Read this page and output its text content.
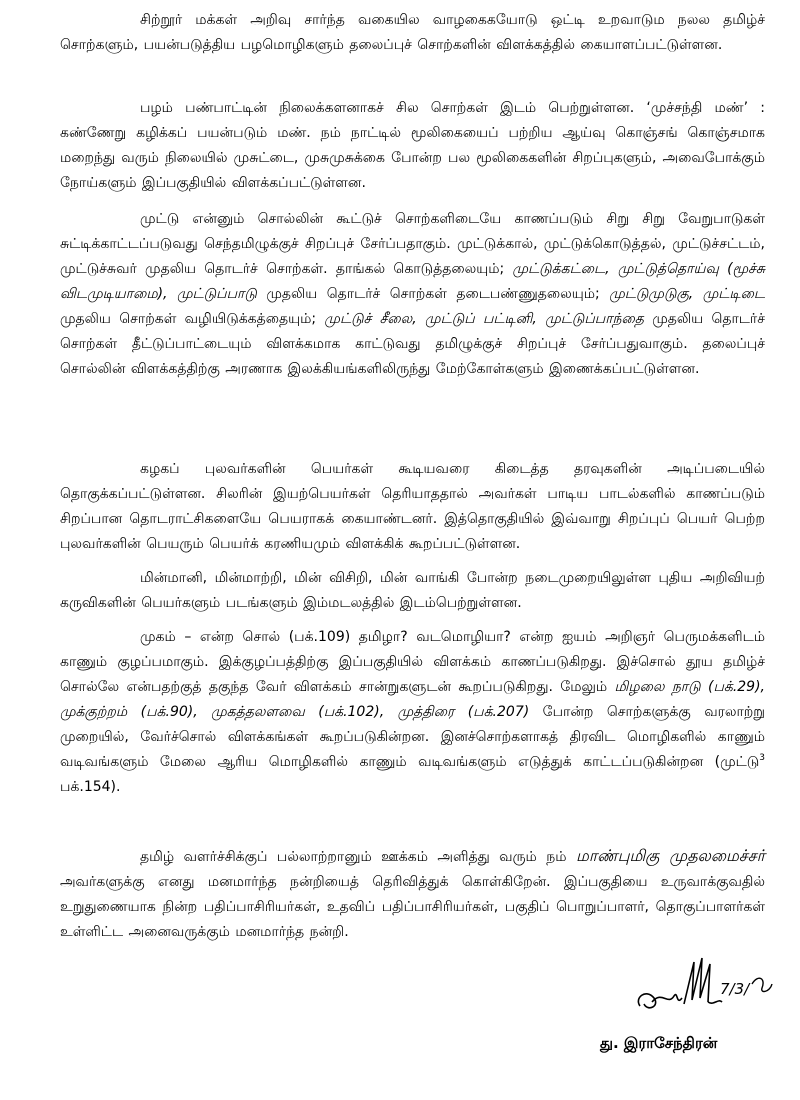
சிற்றூர் மக்கள் அறிவு சார்ந்த வகையில வாழகைகயோடு ஒட்டி உறவாடும நலல தமிழ்ச் சொற்களும், பயன்படுத்திய பழமொழிகளும் தலைப்புச் சொற்களின் விளக்கத்தில் கையாளப்பட்டுள்ளன.

பழம் பண்பாட்டின் நிலைக்களனாகச் சில சொற்கள் இடம் பெற்றுள்ளன. ‘முச்சந்தி மண்’ : கண்ணேறு கழிக்கப் பயன்படும் மண். நம் நாட்டில் மூலிகையைப் பற்றிய ஆய்வு கொஞ்சங் கொஞ்சமாக மறைந்து வரும் நிலையில் முசுட்டை, முசுமுசுக்கை போன்ற பல மூலிகைகளின் சிறப்புகளும், அவைபோக்கும் நோய்களும் இப்பகுதியில் விளக்கப்பட்டுள்ளன.

முட்டு என்னும் சொல்லின் கூட்டுச் சொற்களிடையே காணப்படும் சிறு சிறு வேறுபாடுகள் சுட்டிக்காட்டப்படுவது செந்தமிழுக்குச் சிறப்புச் சேர்ப்பதாகும். முட்டுக்கால், முட்டுக்கொடுத்தல், முட்டுச்சட்டம், முட்டுச்சுவர் முதலிய தொடர்ச் சொற்கள். தாங்கல் கொடுத்தலையும்; முட்டுக்கட்டை, முட்டுத்தொய்வு (மூச்சு விடமுடியாமை), முட்டுப்பாடு முதலிய தொடர்ச் சொற்கள் தடைபண்ணுதலையும்; முட்டுமுடுகு, முட்டிடை முதலிய சொற்கள் வழியிடுக்கத்தையும்; முட்டுச் சீலை, முட்டுப் பட்டினி, முட்டுப்பாந்தை முதலிய தொடர்ச் சொற்கள் தீட்டுப்பாட்டையும் விளக்கமாக காட்டுவது தமிழுக்குச் சிறப்புச் சேர்ப்பதுவாகும். தலைப்புச் சொல்லின் விளக்கத்திற்கு அரணாக இலக்கியங்களிலிருந்து மேற்கோள்களும் இணைக்கப்பட்டுள்ளன.

கழகப் புலவர்களின் பெயர்கள் கூடியவரை கிடைத்த தரவுகளின் அடிப்படையில் தொகுக்கப்பட்டுள்ளன. சிலரின் இயற்பெயர்கள் தெரியாததால் அவர்கள் பாடிய பாடல்களில் காணப்படும் சிறப்பான தொடராட்சிகளையே பெயராகக் கையாண்டனர். இத்தொகுதியில் இவ்வாறு சிறப்புப் பெயர் பெற்ற புலவர்களின் பெயரும் பெயர்க் கரணியமும் விளக்கிக் கூறப்பட்டுள்ளன.

மின்மானி, மின்மாற்றி, மின் விசிறி, மின் வாங்கி போன்ற நடைமுறையிலுள்ள புதிய அறிவியற் கருவிகளின் பெயர்களும் படங்களும் இம்மடலத்தில் இடம்பெற்றுள்ளன.

முகம் – என்ற சொல் (பக்.109) தமிழா? வடமொழியா? என்ற ஐயம் அறிஞர் பெருமக்களிடம் காணும் குழப்பமாகும். இக்குழப்பத்திற்கு இப்பகுதியில் விளக்கம் காணப்படுகிறது. இச்சொல் தூய தமிழ்ச் சொல்லே என்பதற்குத் தகுந்த வேர் விளக்கம் சான்றுகளுடன் கூறப்படுகிறது. மேலும் மிழலை நாடு (பக்.29), முக்குற்றம் (பக்.90), முகத்தலளவை (பக்.102), முத்திரை (பக்.207) போன்ற சொற்களுக்கு வரலாற்று முறையில், வேர்ச்சொல் விளக்கங்கள் கூறப்படுகின்றன. இனச்சொற்களாகத் திரவிட மொழிகளில் காணும் வடிவங்களும் மேலை ஆரிய மொழிகளில் காணும் வடிவங்களும் எடுத்துக் காட்டப்படுகின்றன (முட்டு$^3$ பக்.154).

தமிழ் வளர்ச்சிக்குப் பல்லாற்றானும் ஊக்கம் அளித்து வரும் நம் மாண்புமிகு முதலமைச்சர் அவர்களுக்கு எனது மனமார்ந்த நன்றியைத் தெரிவித்துக் கொள்கிறேன். இப்பகுதியை உருவாக்குவதில் உறுதுணையாக நின்ற பதிப்பாசிரியர்கள், உதவிப் பதிப்பாசிரியர்கள், பகுதிப் பொறுப்பாளர், தொகுப்பாளர்கள் உள்ளிட்ட அனைவருக்கும் மனமார்ந்த நன்றி.

7/3/
து. இராசேந்திரன்
